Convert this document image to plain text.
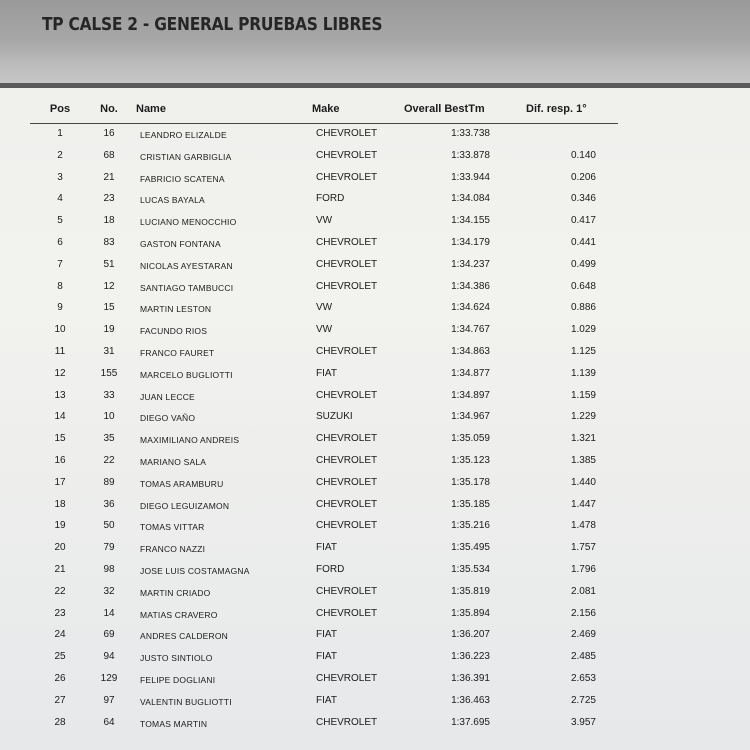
TP CALSE 2 - GENERAL PRUEBAS LIBRES
Pos	No.	Name	Make	Overall BestTm	Dif. resp. 1°
1	16	LEANDRO ELIZALDE	CHEVROLET	1:33.738
2	68	CRISTIAN GARBIGLIA	CHEVROLET	1:33.878	0.140
3	21	FABRICIO SCATENA	CHEVROLET	1:33.944	0.206
4	23	LUCAS BAYALA	FORD	1:34.084	0.346
5	18	LUCIANO MENOCCHIO	VW	1:34.155	0.417
6	83	GASTON FONTANA	CHEVROLET	1:34.179	0.441
7	51	NICOLAS AYESTARAN	CHEVROLET	1:34.237	0.499
8	12	SANTIAGO TAMBUCCI	CHEVROLET	1:34.386	0.648
9	15	MARTIN LESTON	VW	1:34.624	0.886
10	19	FACUNDO RIOS	VW	1:34.767	1.029
11	31	FRANCO FAURET	CHEVROLET	1:34.863	1.125
12	155	MARCELO BUGLIOTTI	FIAT	1:34.877	1.139
13	33	JUAN LECCE	CHEVROLET	1:34.897	1.159
14	10	DIEGO VAÑO	SUZUKI	1:34.967	1.229
15	35	MAXIMILIANO ANDREIS	CHEVROLET	1:35.059	1.321
16	22	MARIANO SALA	CHEVROLET	1:35.123	1.385
17	89	TOMAS ARAMBURU	CHEVROLET	1:35.178	1.440
18	36	DIEGO LEGUIZAMON	CHEVROLET	1:35.185	1.447
19	50	TOMAS VITTAR	CHEVROLET	1:35.216	1.478
20	79	FRANCO NAZZI	FIAT	1:35.495	1.757
21	98	JOSE LUIS COSTAMAGNA	FORD	1:35.534	1.796
22	32	MARTIN CRIADO	CHEVROLET	1:35.819	2.081
23	14	MATIAS CRAVERO	CHEVROLET	1:35.894	2.156
24	69	ANDRES CALDERON	FIAT	1:36.207	2.469
25	94	JUSTO SINTIOLO	FIAT	1:36.223	2.485
26	129	FELIPE DOGLIANI	CHEVROLET	1:36.391	2.653
27	97	VALENTIN BUGLIOTTI	FIAT	1:36.463	2.725
28	64	TOMAS MARTIN	CHEVROLET	1:37.695	3.957
